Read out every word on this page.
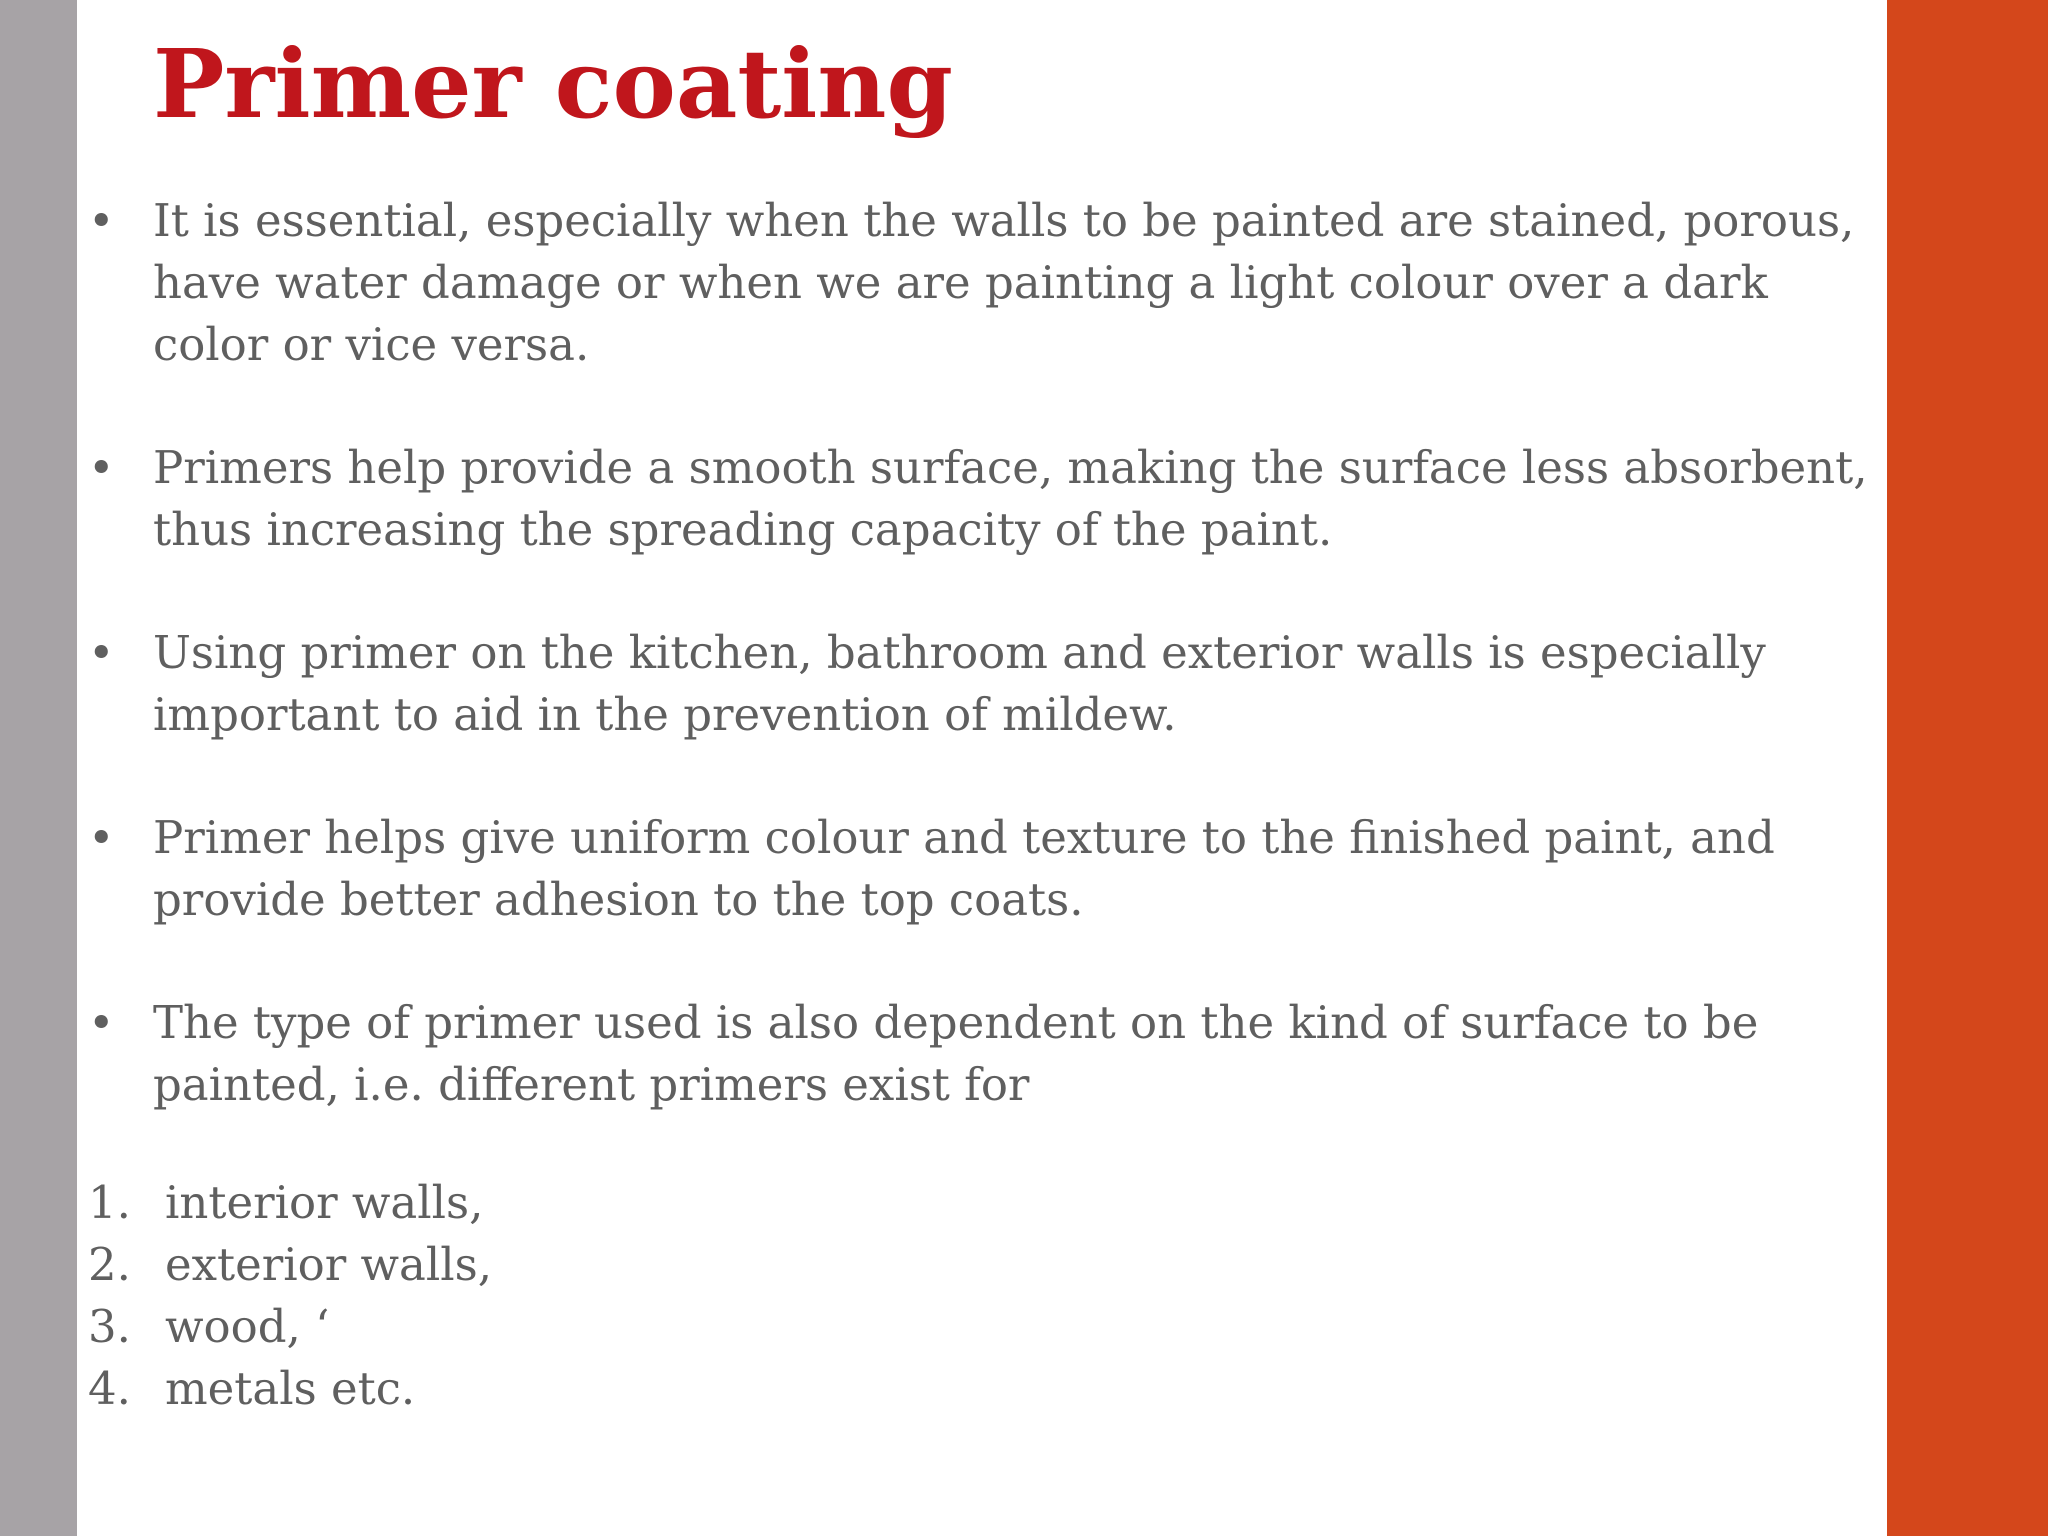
Primer coating
• It is essential, especially when the walls to be painted are stained, porous, have water damage or when we are painting a light colour over a dark color or vice versa.
• Primers help provide a smooth surface, making the surface less absorbent, thus increasing the spreading capacity of the paint.
• Using primer on the kitchen, bathroom and exterior walls is especially important to aid in the prevention of mildew.
• Primer helps give uniform colour and texture to the finished paint, and provide better adhesion to the top coats.
• The type of primer used is also dependent on the kind of surface to be painted, i.e. different primers exist for
1. interior walls,
2. exterior walls,
3. wood, ‘
4. metals etc.
